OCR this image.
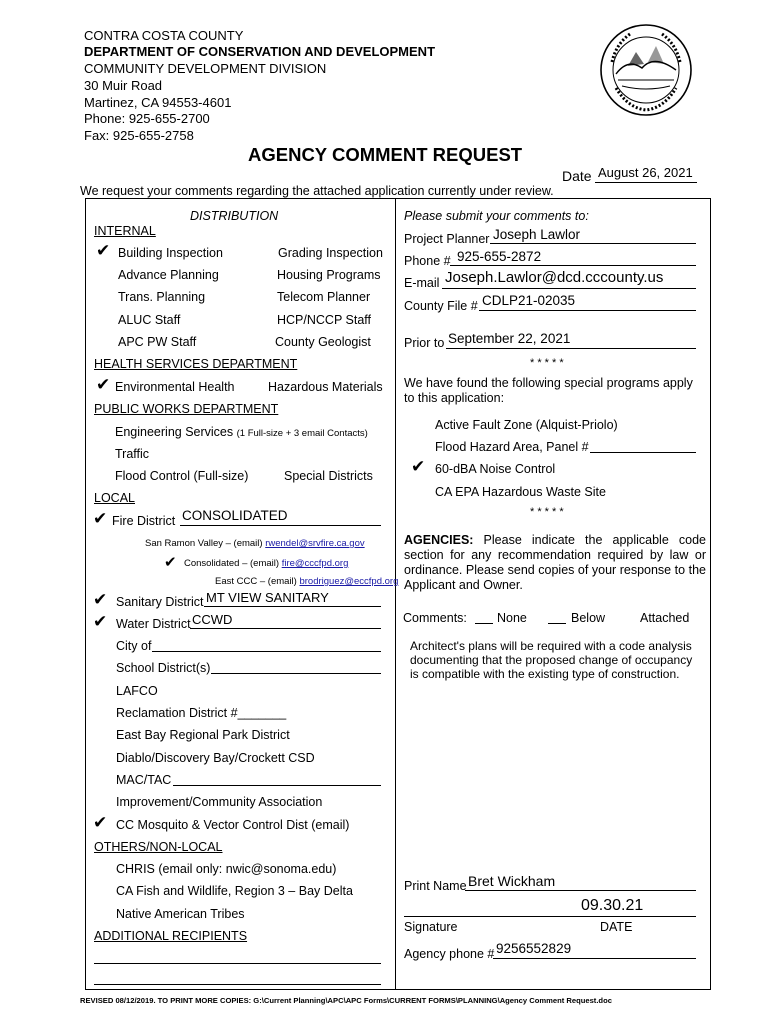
CONTRA COSTA COUNTY
DEPARTMENT OF CONSERVATION AND DEVELOPMENT
COMMUNITY DEVELOPMENT DIVISION
30 Muir Road
Martinez, CA 94553-4601
Phone: 925-655-2700
Fax: 925-655-2758
AGENCY COMMENT REQUEST
Date August 26, 2021
We request your comments regarding the attached application currently under review.
DISTRIBUTION
INTERNAL
✔ Building Inspection	Grading Inspection
Advance Planning	Housing Programs
Trans. Planning	Telecom Planner
ALUC Staff	HCP/NCCP Staff
APC PW Staff	County Geologist
HEALTH SERVICES DEPARTMENT
✔ Environmental Health	Hazardous Materials
PUBLIC WORKS DEPARTMENT
Engineering Services (1 Full-size + 3 email Contacts)
Traffic
Flood Control (Full-size)	Special Districts
LOCAL
✔ Fire District CONSOLIDATED
San Ramon Valley – (email) rwendel@srvfire.ca.gov
✔ Consolidated – (email) fire@cccfpd.org
East CCC – (email) brodriguez@eccfpd.org
✔ Sanitary District MT VIEW SANITARY
✔ Water District CCWD
City of
School District(s)
LAFCO
Reclamation District #_______
East Bay Regional Park District
Diablo/Discovery Bay/Crockett CSD
MAC/TAC
Improvement/Community Association
✔ CC Mosquito & Vector Control Dist (email)
OTHERS/NON-LOCAL
CHRIS (email only: nwic@sonoma.edu)
CA Fish and Wildlife, Region 3 – Bay Delta
Native American Tribes
ADDITIONAL RECIPIENTS
Please submit your comments to:
Project Planner Joseph Lawlor
Phone # 925-655-2872
E-mail Joseph.Lawlor@dcd.cccounty.us
County File # CDLP21-02035
Prior to September 22, 2021
* * * * *
We have found the following special programs apply to this application:
Active Fault Zone (Alquist-Priolo)
Flood Hazard Area, Panel #
✔ 60-dBA Noise Control
CA EPA Hazardous Waste Site
* * * * *
AGENCIES: Please indicate the applicable code section for any recommendation required by law or ordinance. Please send copies of your response to the Applicant and Owner.
Comments: None	Below	Attached
Architect's plans will be required with a code analysis documenting that the proposed change of occupancy is compatible with the existing type of construction.
Print Name Bret Wickham
09.30.21
Signature	DATE
Agency phone # 9256552829
REVISED 08/12/2019. TO PRINT MORE COPIES: G:\Current Planning\APC\APC Forms\CURRENT FORMS\PLANNING\Agency Comment Request.doc
